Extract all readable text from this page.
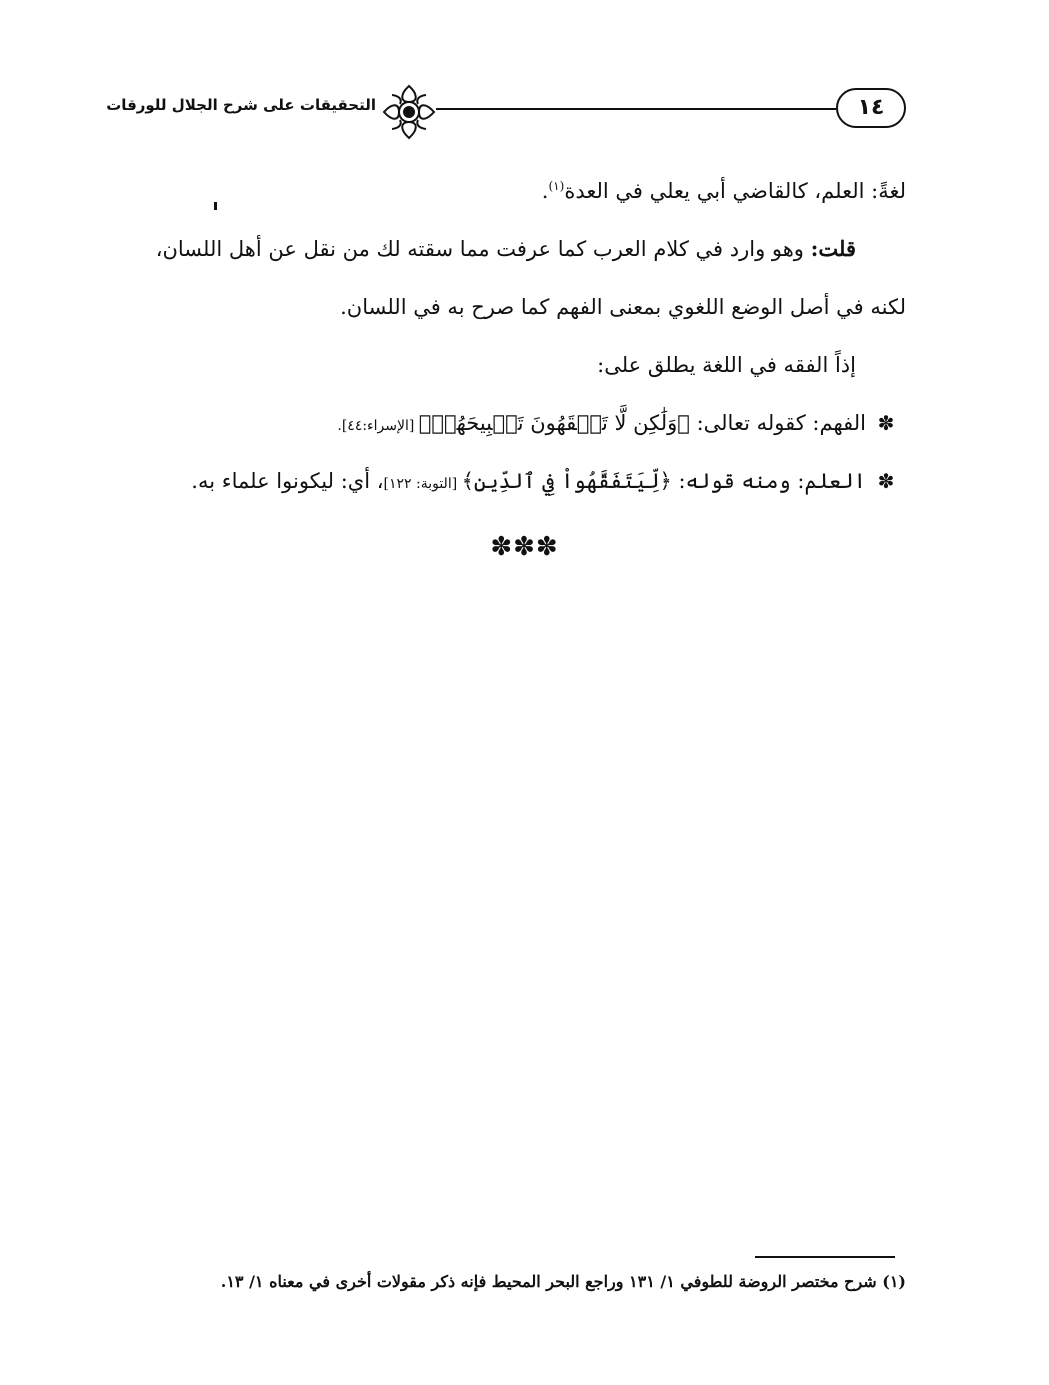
التحقيقات على شرح الجلال للورقات	١٤
لغةً: العلم، كالقاضي أبي يعلي في العدة$^{(١)}$.
قلت: وهو وارد في كلام العرب كما عرفت مما سقته لك من نقل عن أهل اللسان،
لكنه في أصل الوضع اللغوي بمعنى الفهم كما صرح به في اللسان.
إذاً الفقه في اللغة يطلق على:
✽الفهم: كقوله تعالى: ﴿وَلَٰكِن لَّا تَفۡقَهُونَ تَسۡبِيحَهُمۡ﴾ [الإسراء:٤٤].
✽العلم: ومنه قوله: ﴿لِّيَتَفَقَّهُواْ فِي ٱلدِّينِ﴾ [التوبة: ١٢٢]، أي: ليكونوا علماء به.
✽✽✽
(١) شرح مختصر الروضة للطوفي ١/ ١٣١ وراجع البحر المحيط فإنه ذكر مقولات أخرى في معناه ١/ ١٣.
